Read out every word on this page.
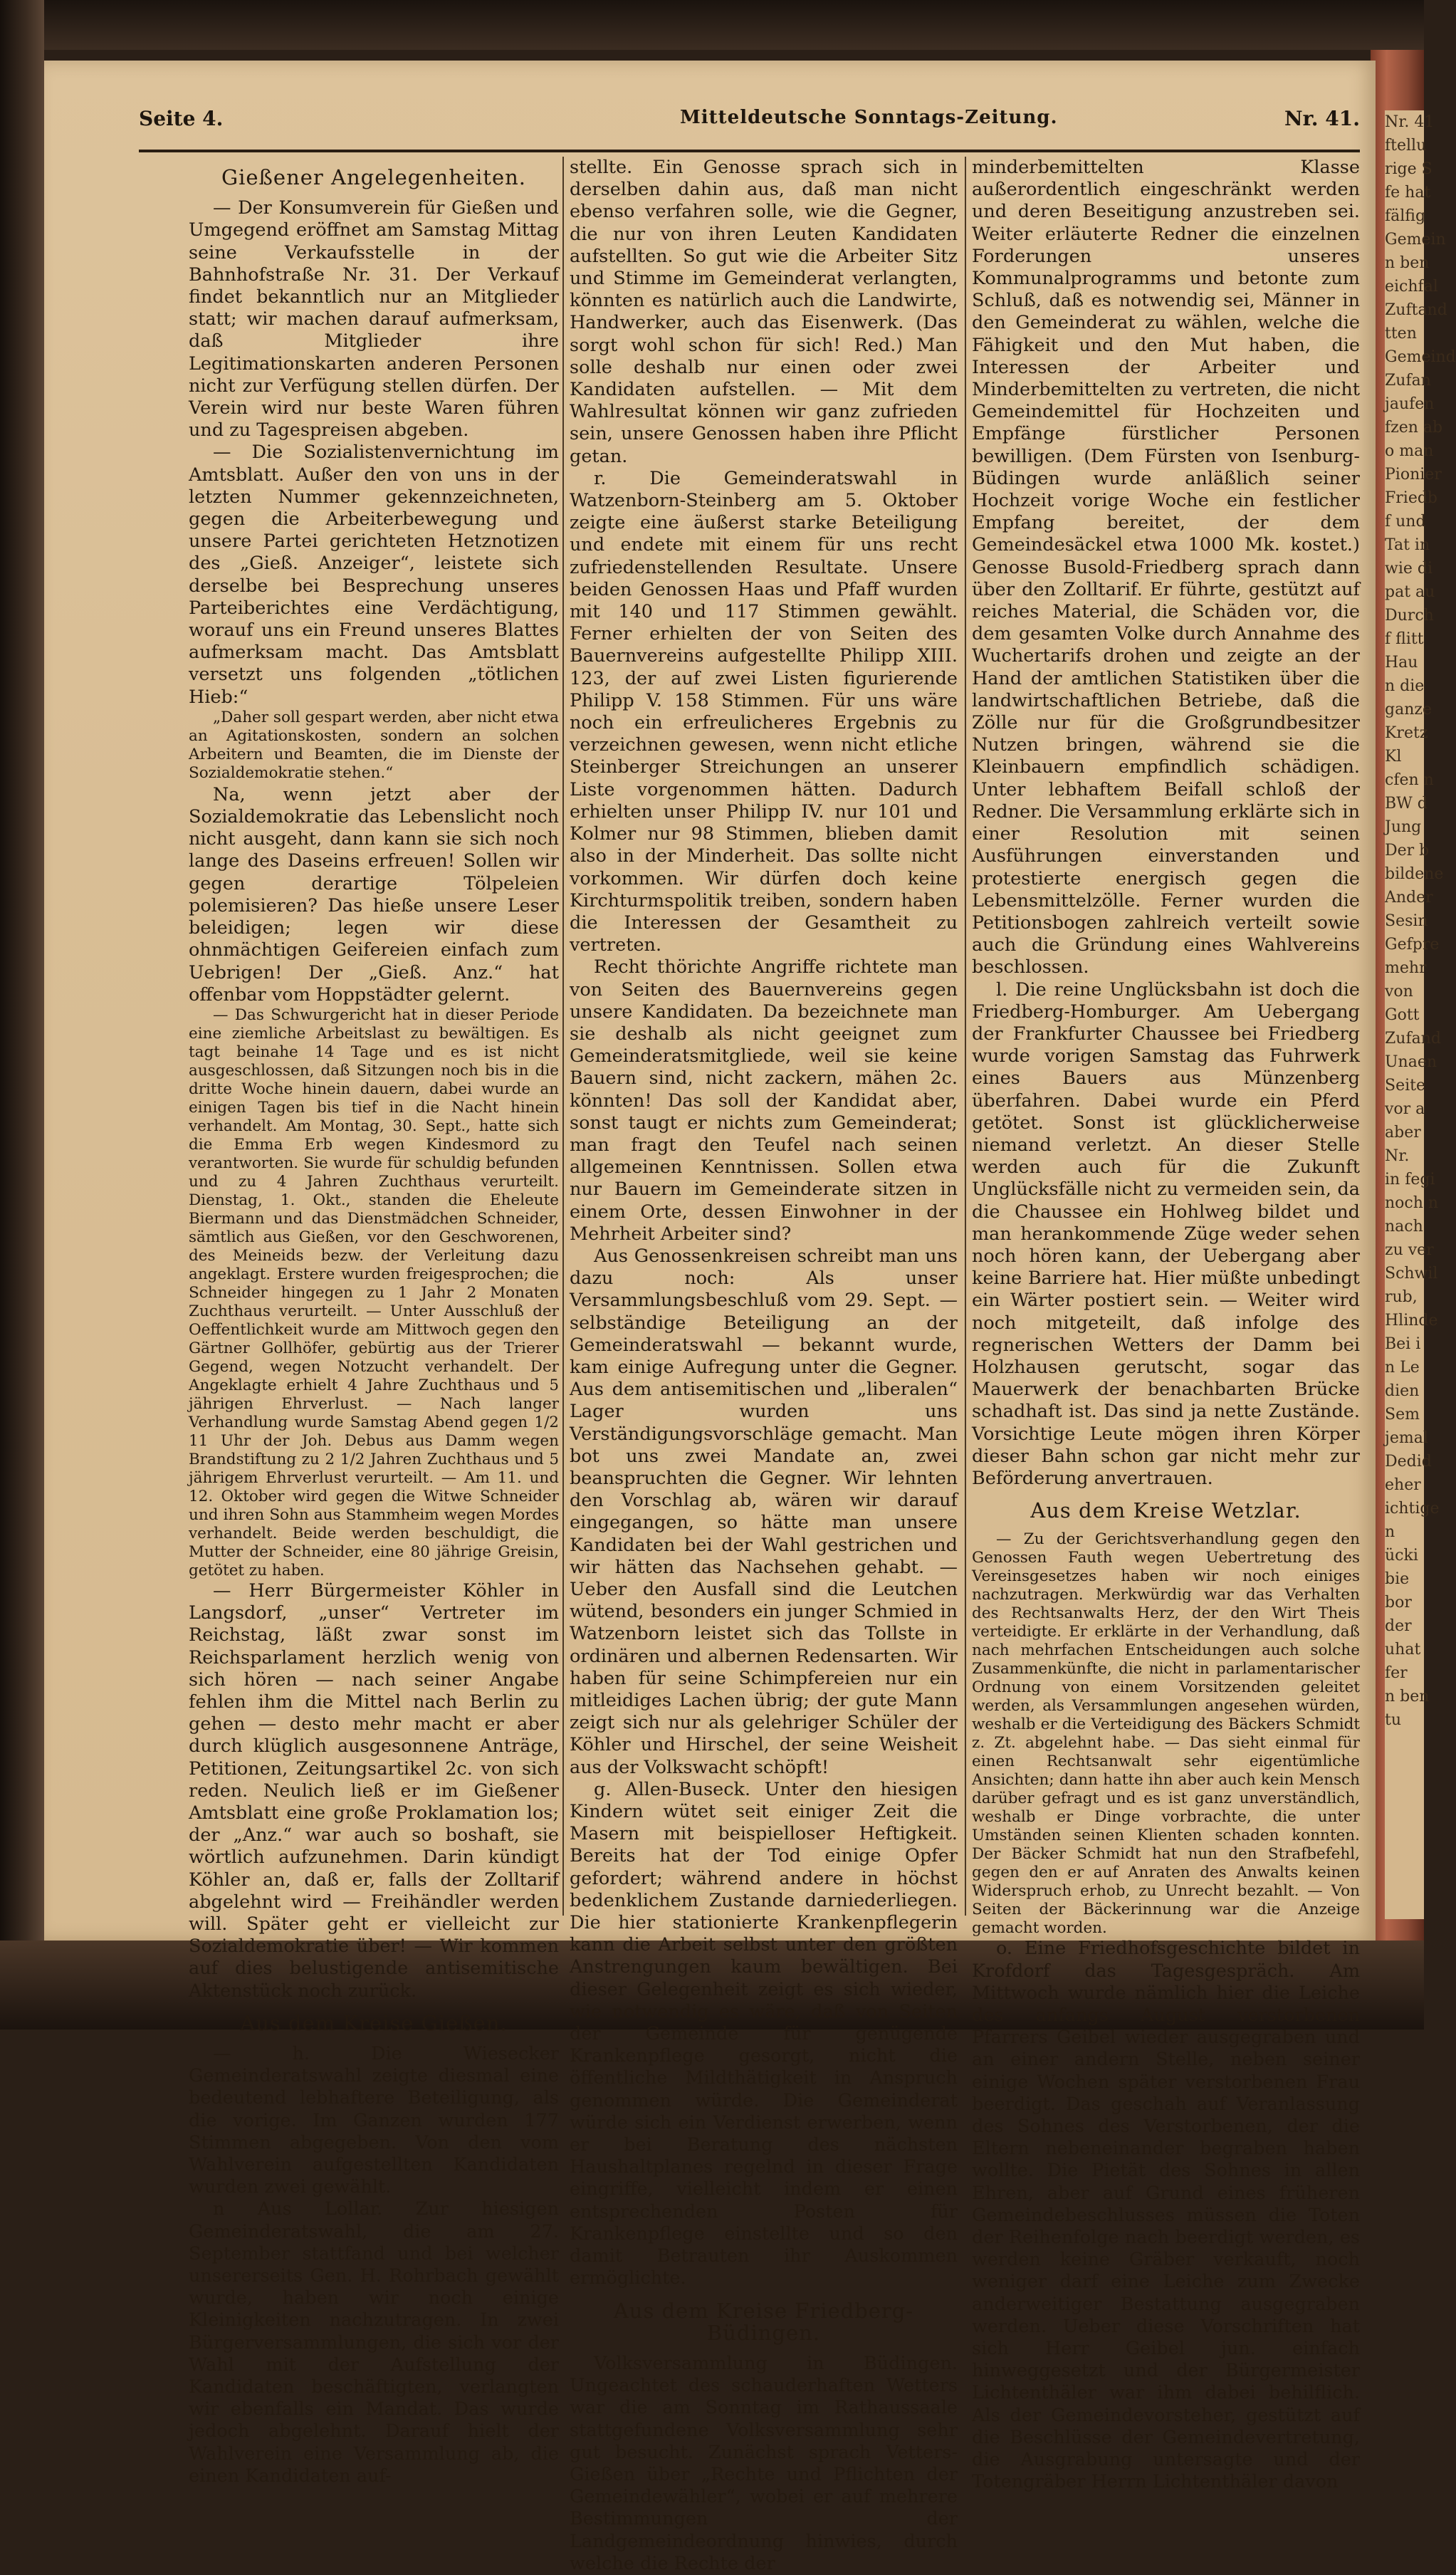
Nr. 41
ftellu
rige S
fe hat
fälfig
Gemein
n ben
eichfal
Zuftand
tten
Gemeind
Zufan
jaufen
fzen ab
o man
Pionier
Friedb
f und
Tat in
wie di
pat au
Durch
f flitt
Hau
n die
ganze
Kretz
Kl
cfen n
BW d
Jung
Der b
bildene
Ander
Sesin
Gefpre
mehr
von
Gott
Zufand
Unaen
Seite
vor a
aber
Nr.
in fegi
noch n
nach
zu ver
Schwil
rub,
Hlinde
Bei i
n Le
dien
Sem
jemal
Dedid
eher
ichtige
n
ücki
bie
bor
der
uhat
fer
n ben
tu
Seite 4.	Mitteldeutsche Sonntags-Zeitung.	Nr. 41.
Gießener Angelegenheiten.

— Der Konsumverein für Gießen und Umgegend eröffnet am Samstag Mittag seine Verkaufsstelle in der Bahnhofstraße Nr. 31. Der Verkauf findet bekanntlich nur an Mitglieder statt; wir machen darauf aufmerksam, daß Mitglieder ihre Legitimationskarten anderen Personen nicht zur Verfügung stellen dürfen. Der Verein wird nur beste Waren führen und zu Tagespreisen abgeben.

— Die Sozialistenvernichtung im Amtsblatt. Außer den von uns in der letzten Nummer gekennzeichneten, gegen die Arbeiterbewegung und unsere Partei gerichteten Hetznotizen des „Gieß. Anzeiger“, leistete sich derselbe bei Besprechung unseres Parteiberichtes eine Verdächtigung, worauf uns ein Freund unseres Blattes aufmerksam macht. Das Amtsblatt versetzt uns folgenden „tötlichen Hieb:“

„Daher soll gespart werden, aber nicht etwa an Agitationskosten, sondern an solchen Arbeitern und Beamten, die im Dienste der Sozialdemokratie stehen.“

Na, wenn jetzt aber der Sozialdemokratie das Lebenslicht noch nicht ausgeht, dann kann sie sich noch lange des Daseins erfreuen! Sollen wir gegen derartige Tölpeleien polemisieren? Das hieße unsere Leser beleidigen; legen wir diese ohnmächtigen Geifereien einfach zum Uebrigen! Der „Gieß. Anz.“ hat offenbar vom Hoppstädter gelernt.

— Das Schwurgericht hat in dieser Periode eine ziemliche Arbeitslast zu bewältigen. Es tagt beinahe 14 Tage und es ist nicht ausgeschlossen, daß Sitzungen noch bis in die dritte Woche hinein dauern, dabei wurde an einigen Tagen bis tief in die Nacht hinein verhandelt. Am Montag, 30. Sept., hatte sich die Emma Erb wegen Kindesmord zu verantworten. Sie wurde für schuldig befunden und zu 4 Jahren Zuchthaus verurteilt. Dienstag, 1. Okt., standen die Eheleute Biermann und das Dienstmädchen Schneider, sämtlich aus Gießen, vor den Geschworenen, des Meineids bezw. der Verleitung dazu angeklagt. Erstere wurden freigesprochen; die Schneider hingegen zu 1 Jahr 2 Monaten Zuchthaus verurteilt. — Unter Ausschluß der Oeffentlichkeit wurde am Mittwoch gegen den Gärtner Gollhöfer, gebürtig aus der Trierer Gegend, wegen Notzucht verhandelt. Der Angeklagte erhielt 4 Jahre Zuchthaus und 5 jährigen Ehrverlust. — Nach langer Verhandlung wurde Samstag Abend gegen 1/2 11 Uhr der Joh. Debus aus Damm wegen Brandstiftung zu 2 1/2 Jahren Zuchthaus und 5 jährigem Ehrverlust verurteilt. — Am 11. und 12. Oktober wird gegen die Witwe Schneider und ihren Sohn aus Stammheim wegen Mordes verhandelt. Beide werden beschuldigt, die Mutter der Schneider, eine 80 jährige Greisin, getötet zu haben.

— Herr Bürgermeister Köhler in Langsdorf, „unser“ Vertreter im Reichstag, läßt zwar sonst im Reichsparlament herzlich wenig von sich hören — nach seiner Angabe fehlen ihm die Mittel nach Berlin zu gehen — desto mehr macht er aber durch klüglich ausgesonnene Anträge, Petitionen, Zeitungsartikel 2c. von sich reden. Neulich ließ er im Gießener Amtsblatt eine große Proklamation los; der „Anz.“ war auch so boshaft, sie wörtlich aufzunehmen. Darin kündigt Köhler an, daß er, falls der Zolltarif abgelehnt wird — Freihändler werden will. Später geht er vielleicht zur Sozialdemokratie über! — Wir kommen auf dies belustigende antisemitische Aktenstück noch zurück.

Aus dem Kreise Gießen.

— h. Die Wiesecker Gemeinderatswahl zeigte diesmal eine bedeutend lebhaftere Beteiligung, als die vorige. Im Ganzen wurden 177 Stimmen abgegeben. Von den vom Wahlverein aufgestellten Kandidaten wurden zwei gewählt.

n Aus Lollar. Zur hiesigen Gemeinderatswahl, die am 27. September stattfand und bei welcher unsererseits Gen. H. Rohrbach gewählt wurde, haben wir noch einige Kleinigkeiten nachzutragen. In zwei Bürgerversammlungen, die sich vor der Wahl mit der Aufstellung der Kandidaten beschäftigten, verlangten wir ebenfalls ein Mandat. Das wurde jedoch abgelehnt. Darauf hielt der Wahlverein eine Versammlung ab, die einen Kandidaten auf-

stellte. Ein Genosse sprach sich in derselben dahin aus, daß man nicht ebenso verfahren solle, wie die Gegner, die nur von ihren Leuten Kandidaten aufstellten. So gut wie die Arbeiter Sitz und Stimme im Gemeinderat verlangten, könnten es natürlich auch die Landwirte, Handwerker, auch das Eisenwerk. (Das sorgt wohl schon für sich! Red.) Man solle deshalb nur einen oder zwei Kandidaten aufstellen. — Mit dem Wahlresultat können wir ganz zufrieden sein, unsere Genossen haben ihre Pflicht getan.

r. Die Gemeinderatswahl in Watzenborn-Steinberg am 5. Oktober zeigte eine äußerst starke Beteiligung und endete mit einem für uns recht zufriedenstellenden Resultate. Unsere beiden Genossen Haas und Pfaff wurden mit 140 und 117 Stimmen gewählt. Ferner erhielten der von Seiten des Bauernvereins aufgestellte Philipp XIII. 123, der auf zwei Listen figurierende Philipp V. 158 Stimmen. Für uns wäre noch ein erfreulicheres Ergebnis zu verzeichnen gewesen, wenn nicht etliche Steinberger Streichungen an unserer Liste vorgenommen hätten. Dadurch erhielten unser Philipp IV. nur 101 und Kolmer nur 98 Stimmen, blieben damit also in der Minderheit. Das sollte nicht vorkommen. Wir dürfen doch keine Kirchturmspolitik treiben, sondern haben die Interessen der Gesamtheit zu vertreten.

Recht thörichte Angriffe richtete man von Seiten des Bauernvereins gegen unsere Kandidaten. Da bezeichnete man sie deshalb als nicht geeignet zum Gemeinderatsmitgliede, weil sie keine Bauern sind, nicht zackern, mähen 2c. könnten! Das soll der Kandidat aber, sonst taugt er nichts zum Gemeinderat; man fragt den Teufel nach seinen allgemeinen Kenntnissen. Sollen etwa nur Bauern im Gemeinderate sitzen in einem Orte, dessen Einwohner in der Mehrheit Arbeiter sind?

Aus Genossenkreisen schreibt man uns dazu noch: Als unser Versammlungsbeschluß vom 29. Sept. — selbständige Beteiligung an der Gemeinderatswahl — bekannt wurde, kam einige Aufregung unter die Gegner. Aus dem antisemitischen und „liberalen“ Lager wurden uns Verständigungsvorschläge gemacht. Man bot uns zwei Mandate an, zwei beanspruchten die Gegner. Wir lehnten den Vorschlag ab, wären wir darauf eingegangen, so hätte man unsere Kandidaten bei der Wahl gestrichen und wir hätten das Nachsehen gehabt. — Ueber den Ausfall sind die Leutchen wütend, besonders ein junger Schmied in Watzenborn leistet sich das Tollste in ordinären und albernen Redensarten. Wir haben für seine Schimpfereien nur ein mitleidiges Lachen übrig; der gute Mann zeigt sich nur als gelehriger Schüler der Köhler und Hirschel, der seine Weisheit aus der Volkswacht schöpft!

g. Allen-Buseck. Unter den hiesigen Kindern wütet seit einiger Zeit die Masern mit beispielloser Heftigkeit. Bereits hat der Tod einige Opfer gefordert; während andere in höchst bedenklichem Zustande darniederliegen. Die hier stationierte Krankenpflegerin kann die Arbeit selbst unter den größten Anstrengungen kaum bewältigen. Bei dieser Gelegenheit zeigt es sich wieder, wie notwendig es wäre, daß von Seiten der Gemeinde für genügende Krankenpflege gesorgt, nicht die öffentliche Mildthätigkeit in Anspruch genommen würde. Die Gemeinderat würde sich ein Verdienst erwerben, wenn er bei Beratung des nächsten Haushaltplanes regelnd in dieser Frage eingriffe, vielleicht indem er einen entsprechenden Posten für Krankenpflege einstellte und so den damit Betrauten ihr Auskommen ermöglichte.

Aus dem Kreise Friedberg-Büdingen.

Volksversammlung in Büdingen. Ungeachtet des schauderhaften Wetters war die am Sonntag im Rathaussaale stattgefundene Volksversammlung sehr gut besucht. Zunächst sprach Vetters-Gießen über „Rechte und Pflichten der Gemeindewähler“, wobei er auf mehrere Bestimmungen der Landgemeindeordnung hinwies, durch welche die Rechte der

minderbemittelten Klasse außerordentlich eingeschränkt werden und deren Beseitigung anzustreben sei. Weiter erläuterte Redner die einzelnen Forderungen unseres Kommunalprogramms und betonte zum Schluß, daß es notwendig sei, Männer in den Gemeinderat zu wählen, welche die Fähigkeit und den Mut haben, die Interessen der Arbeiter und Minderbemittelten zu vertreten, die nicht Gemeindemittel für Hochzeiten und Empfänge fürstlicher Personen bewilligen. (Dem Fürsten von Isenburg-Büdingen wurde anläßlich seiner Hochzeit vorige Woche ein festlicher Empfang bereitet, der dem Gemeindesäckel etwa 1000 Mk. kostet.) Genosse Busold-Friedberg sprach dann über den Zolltarif. Er führte, gestützt auf reiches Material, die Schäden vor, die dem gesamten Volke durch Annahme des Wuchertarifs drohen und zeigte an der Hand der amtlichen Statistiken über die landwirtschaftlichen Betriebe, daß die Zölle nur für die Großgrundbesitzer Nutzen bringen, während sie die Kleinbauern empfindlich schädigen. Unter lebhaftem Beifall schloß der Redner. Die Versammlung erklärte sich in einer Resolution mit seinen Ausführungen einverstanden und protestierte energisch gegen die Lebensmittelzölle. Ferner wurden die Petitionsbogen zahlreich verteilt sowie auch die Gründung eines Wahlvereins beschlossen.

l. Die reine Unglücksbahn ist doch die Friedberg-Homburger. Am Uebergang der Frankfurter Chaussee bei Friedberg wurde vorigen Samstag das Fuhrwerk eines Bauers aus Münzenberg überfahren. Dabei wurde ein Pferd getötet. Sonst ist glücklicherweise niemand verletzt. An dieser Stelle werden auch für die Zukunft Unglücksfälle nicht zu vermeiden sein, da die Chaussee ein Hohlweg bildet und man herankommende Züge weder sehen noch hören kann, der Uebergang aber keine Barriere hat. Hier müßte unbedingt ein Wärter postiert sein. — Weiter wird noch mitgeteilt, daß infolge des regnerischen Wetters der Damm bei Holzhausen gerutscht, sogar das Mauerwerk der benachbarten Brücke schadhaft ist. Das sind ja nette Zustände. Vorsichtige Leute mögen ihren Körper dieser Bahn schon gar nicht mehr zur Beförderung anvertrauen.

Aus dem Kreise Wetzlar.

— Zu der Gerichtsverhandlung gegen den Genossen Fauth wegen Uebertretung des Vereinsgesetzes haben wir noch einiges nachzutragen. Merkwürdig war das Verhalten des Rechtsanwalts Herz, der den Wirt Theis verteidigte. Er erklärte in der Verhandlung, daß nach mehrfachen Entscheidungen auch solche Zusammenkünfte, die nicht in parlamentarischer Ordnung von einem Vorsitzenden geleitet werden, als Versammlungen angesehen würden, weshalb er die Verteidigung des Bäckers Schmidt z. Zt. abgelehnt habe. — Das sieht einmal für einen Rechtsanwalt sehr eigentümliche Ansichten; dann hatte ihn aber auch kein Mensch darüber gefragt und es ist ganz unverständlich, weshalb er Dinge vorbrachte, die unter Umständen seinen Klienten schaden konnten. Der Bäcker Schmidt hat nun den Strafbefehl, gegen den er auf Anraten des Anwalts keinen Widerspruch erhob, zu Unrecht bezahlt. — Von Seiten der Bäckerinnung war die Anzeige gemacht worden.

o. Eine Friedhofsgeschichte bildet in Krofdorf das Tagesgespräch. Am Mittwoch wurde nämlich hier die Leiche des anfangs August verstorbenen Pfarrers Geibel wieder ausgegraben und an einer andern Stelle, neben seiner einige Wochen später verstorbenen Frau beerdigt. Das geschah auf Veranlassung des Sohnes des Verstorbenen, der die Eltern nebeneinander begraben haben wollte. Die Pietät des Sohnes in allen Ehren, aber auf Grund eines früheren Gemeindebeschlusses müssen die Toten der Reihenfolge nach beerdigt werden, es werden keine Gräber verkauft, noch weniger darf eine Leiche zum Zwecke anderweitiger Bestattung ausgegraben werden. Ueber diese Vorschriften hat sich Herr Geibel jun. einfach hinweggesetzt und der Bürgermeister Lichtenthäler war ihm dabei behilflich. Als der Gemeindevorsteher, gestützt auf die Beschlüsse der Gemeindevertretung, die Ausgrabung untersagte und der Totengräber Herrn Lichtenthäler davon
